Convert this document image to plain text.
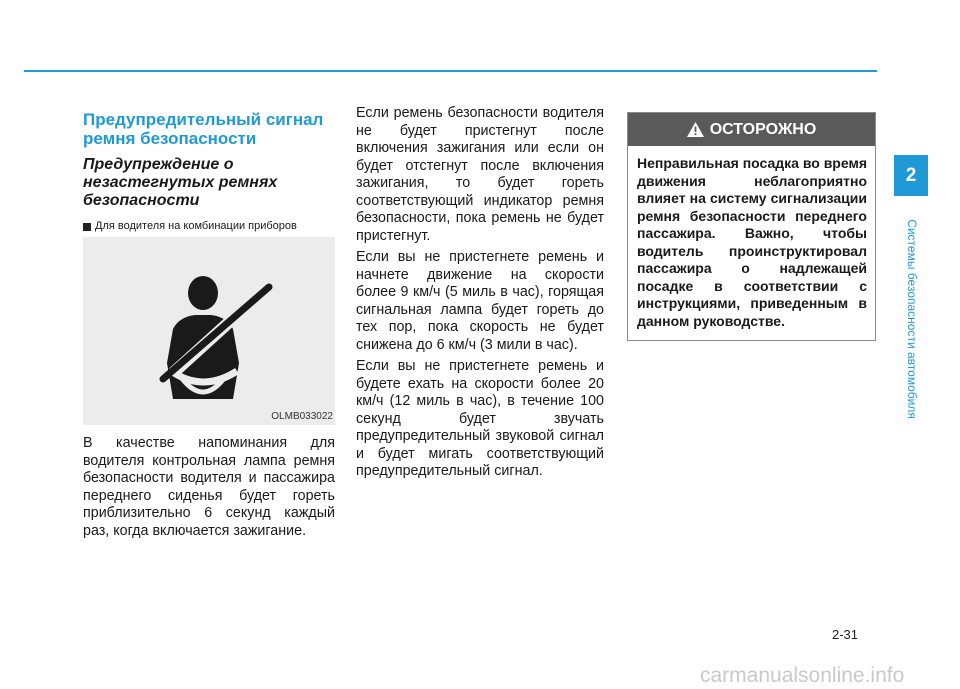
Предупредительный сигнал ремня безопасности
Предупреждение о незастегнутых ремнях безопасности
Для водителя на комбинации приборов
OLMB033022

В качестве напоминания для водителя контрольная лампа ремня безопасности водителя и пассажира переднего сиденья будет гореть приблизительно 6 секунд каждый раз, когда включается зажигание.

Если ремень безопасности водителя не будет пристегнут после включения зажигания или если он будет отстегнут после включения зажигания, то будет гореть соответствующий индикатор ремня безопасности, пока ремень не будет пристегнут.

Если вы не пристегнете ремень и начнете движение на скорости более 9 км/ч (5 миль в час), горящая сигнальная лампа будет гореть до тех пор, пока скорость не будет снижена до 6 км/ч (3 мили в час).

Если вы не пристегнете ремень и будете ехать на скорости более 20 км/ч (12 миль в час), в течение 100 секунд будет звучать предупредительный звуковой сигнал и будет мигать соответствующий предупредительный сигнал.

ОСТОРОЖНО
Неправильная посадка во время движения неблагоприятно влияет на систему сигнализации ремня безопасности переднего пассажира. Важно, чтобы водитель проинструктировал пассажира о надлежащей посадке в соответствии с инструкциями, приведенным в данном руководстве.
2
Системы безопасности автомобиля
2-31
carmanualsonline.info
